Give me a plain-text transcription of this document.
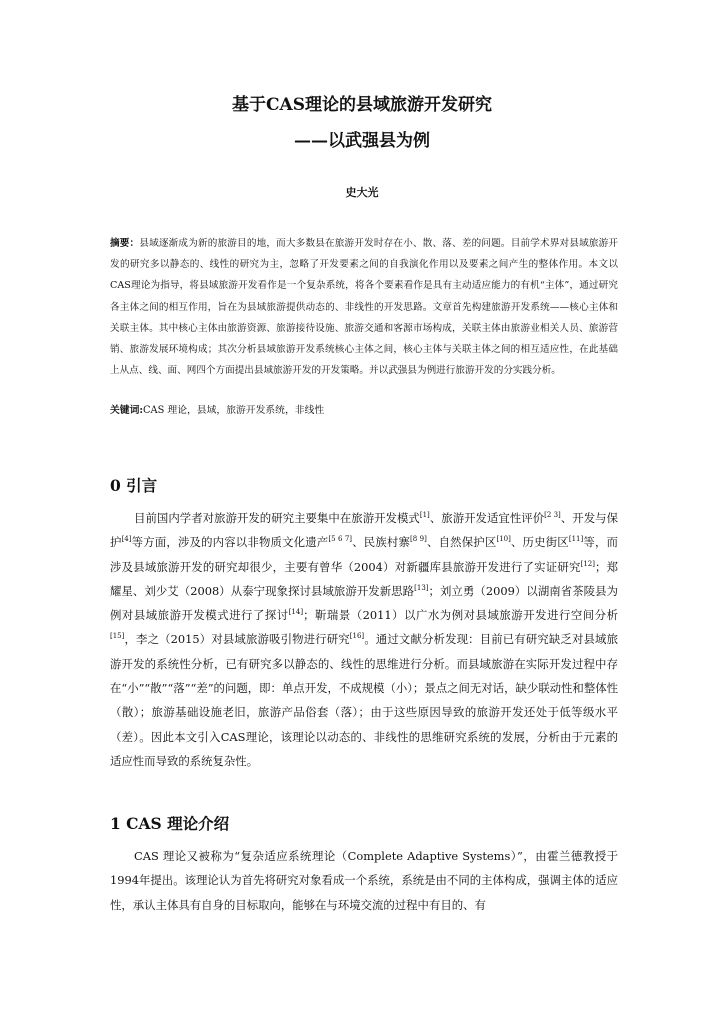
基于CAS理论的县域旅游开发研究
——以武强县为例
史大光
摘要：县域逐渐成为新的旅游目的地，而大多数县在旅游开发时存在小、散、落、差的问题。目前学术界对县域旅游开发的研究多以静态的、线性的研究为主，忽略了开发要素之间的自我演化作用以及要素之间产生的整体作用。本文以CAS理论为指导，将县域旅游开发看作是一个复杂系统，将各个要素看作是具有主动适应能力的有机“主体”，通过研究各主体之间的相互作用，旨在为县域旅游提供动态的、非线性的开发思路。文章首先构建旅游开发系统——核心主体和关联主体。其中核心主体由旅游资源、旅游接待设施、旅游交通和客源市场构成，关联主体由旅游业相关人员、旅游营销、旅游发展环境构成；其次分析县域旅游开发系统核心主体之间，核心主体与关联主体之间的相互适应性，在此基础上从点、线、面、网四个方面提出县域旅游开发的开发策略。并以武强县为例进行旅游开发的分实践分析。
关键词:CAS 理论，县域，旅游开发系统，非线性
0 引言
目前国内学者对旅游开发的研究主要集中在旅游开发模式[1]、旅游开发适宜性评价[2 3]、开发与保护[4]等方面，涉及的内容以非物质文化遗产[5 6 7]、民族村寨[8 9]、自然保护区[10]、历史街区[11]等，而涉及县域旅游开发的研究却很少，主要有曾华（2004）对新疆库县旅游开发进行了实证研究[12]；郑耀星、刘少艾（2008）从泰宁现象探讨县域旅游开发新思路[13]；刘立勇（2009）以湖南省茶陵县为例对县域旅游开发模式进行了探讨[14]；靳瑞景（2011）以广水为例对县域旅游开发进行空间分析[15]，李之（2015）对县域旅游吸引物进行研究[16]。通过文献分析发现：目前已有研究缺乏对县域旅游开发的系统性分析，已有研究多以静态的、线性的思维进行分析。而县域旅游在实际开发过程中存在“小”“散”“落”“差”的问题，即：单点开发，不成规模（小）；景点之间无对话，缺少联动性和整体性（散）；旅游基础设施老旧，旅游产品俗套（落）；由于这些原因导致的旅游开发还处于低等级水平（差）。因此本文引入CAS理论，该理论以动态的、非线性的思维研究系统的发展，分析由于元素的适应性而导致的系统复杂性。
1 CAS 理论介绍
CAS 理论又被称为“复杂适应系统理论（Complete Adaptive Systems）”，由霍兰德教授于1994年提出。该理论认为首先将研究对象看成一个系统，系统是由不同的主体构成，强调主体的适应性，承认主体具有自身的目标取向，能够在与环境交流的过程中有目的、有
